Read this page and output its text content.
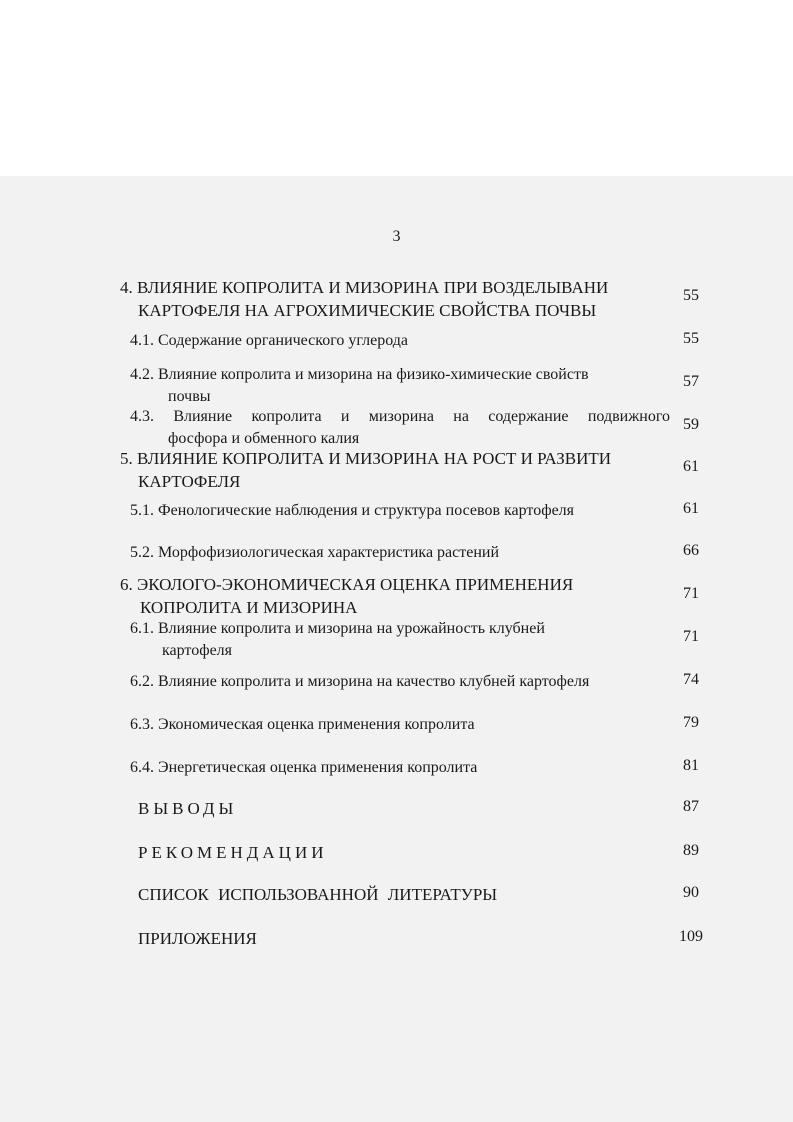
3
4. ВЛИЯНИЕ КОПРОЛИТА И МИЗОРИНА ПРИ ВОЗДЕЛЫВАНИ
КАРТОФЕЛЯ НА АГРОХИМИЧЕСКИЕ СВОЙСТВА ПОЧВЫ
55
4.1. Содержание органического углерода	55
4.2. Влияние копролита и мизорина на физико-химические свойств
почвы
57
4.3. Влияние копролита и мизорина на содержание подвижного
фосфора и обменного калия
59
5. ВЛИЯНИЕ КОПРОЛИТА И МИЗОРИНА НА РОСТ И РАЗВИТИ
КАРТОФЕЛЯ
61
5.1. Фенологические наблюдения и структура посевов картофеля	61
5.2. Морфофизиологическая характеристика растений	66
6. ЭКОЛОГО-ЭКОНОМИЧЕСКАЯ ОЦЕНКА ПРИМЕНЕНИЯ
КОПРОЛИТА И МИЗОРИНА
71
6.1. Влияние копролита и мизорина на урожайность клубней
картофеля
71
6.2. Влияние копролита и мизорина на качество клубней картофеля	74
6.3. Экономическая оценка применения копролита	79
6.4. Энергетическая оценка применения копролита	81
ВЫВОДЫ	87
РЕКОМЕНДАЦИИ	89
СПИСОК ИСПОЛЬЗОВАННОЙ ЛИТЕРАТУРЫ	90
ПРИЛОЖЕНИЯ	109
